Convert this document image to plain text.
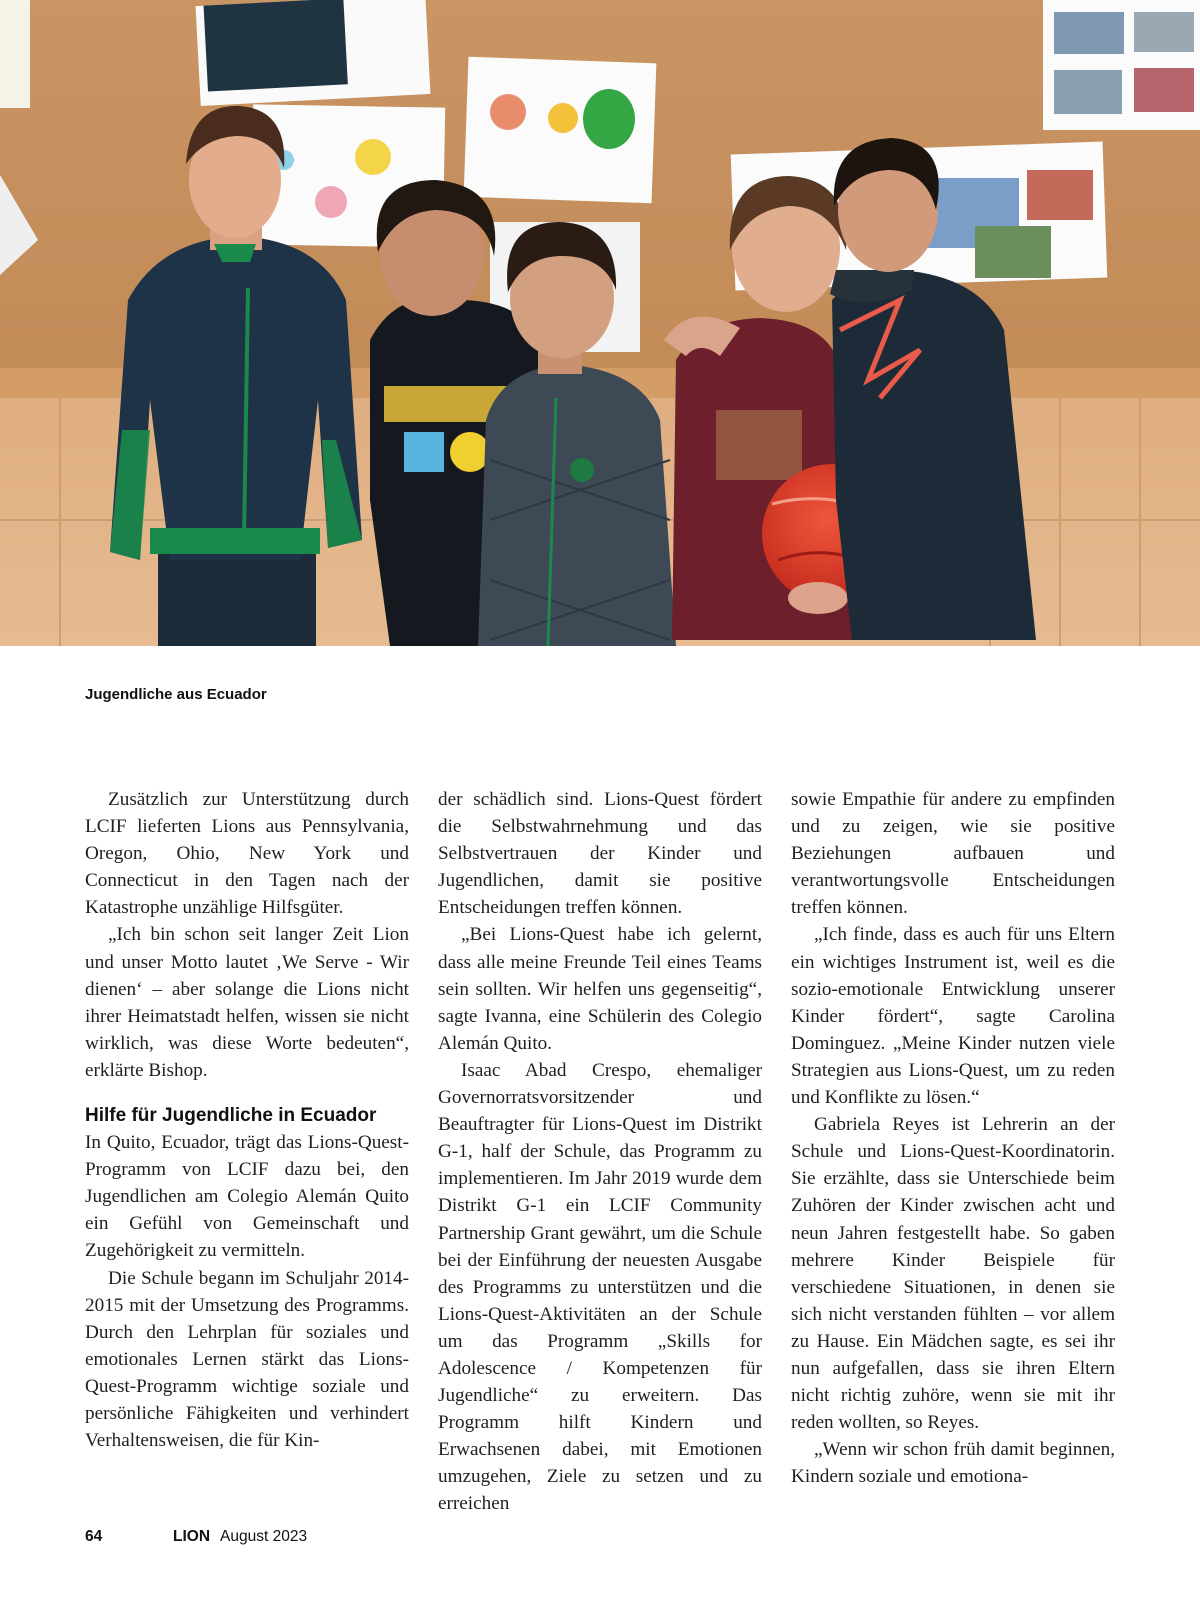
Jugendliche aus Ecuador

Zusätzlich zur Unterstützung durch LCIF lieferten Lions aus Pennsylvania, Oregon, Ohio, New York und Connecticut in den Tagen nach der Katastrophe unzählige Hilfsgüter.

„Ich bin schon seit langer Zeit Lion und unser Motto lautet ‚We Serve - Wir dienen‘ – aber solange die Lions nicht ihrer Heimatstadt helfen, wissen sie nicht wirklich, was diese Worte bedeuten“, erklärte Bishop.

Hilfe für Jugendliche in Ecuador

In Quito, Ecuador, trägt das Lions-Quest-Programm von LCIF dazu bei, den Jugendlichen am Colegio Alemán Quito ein Gefühl von Gemeinschaft und Zugehörigkeit zu vermitteln.

Die Schule begann im Schuljahr 2014-2015 mit der Umsetzung des Programms. Durch den Lehrplan für soziales und emotionales Lernen stärkt das Lions-Quest-Programm wichtige soziale und persönliche Fähigkeiten und verhindert Verhaltensweisen, die für Kin-

der schädlich sind. Lions-Quest fördert die Selbstwahrnehmung und das Selbstvertrauen der Kinder und Jugendlichen, damit sie positive Entscheidungen treffen können.

„Bei Lions-Quest habe ich gelernt, dass alle meine Freunde Teil eines Teams sein sollten. Wir helfen uns gegenseitig“, sagte Ivanna, eine Schülerin des Colegio Alemán Quito.

Isaac Abad Crespo, ehemaliger Governorratsvorsitzender und Beauftragter für Lions-Quest im Distrikt G-1, half der Schule, das Programm zu implementieren. Im Jahr 2019 wurde dem Distrikt G-1 ein LCIF Community Partnership Grant gewährt, um die Schule bei der Einführung der neuesten Ausgabe des Programms zu unterstützen und die Lions-Quest-Aktivitäten an der Schule um das Programm „Skills for Adolescence / Kompetenzen für Jugendliche“ zu erweitern. Das Programm hilft Kindern und Erwachsenen dabei, mit Emotionen umzugehen, Ziele zu setzen und zu erreichen

sowie Empathie für andere zu empfinden und zu zeigen, wie sie positive Beziehungen aufbauen und verantwortungsvolle Entscheidungen treffen können.

„Ich finde, dass es auch für uns Eltern ein wichtiges Instrument ist, weil es die sozio-emotionale Entwicklung unserer Kinder fördert“, sagte Carolina Dominguez. „Meine Kinder nutzen viele Strategien aus Lions-Quest, um zu reden und Konflikte zu lösen.“

Gabriela Reyes ist Lehrerin an der Schule und Lions-Quest-Koordinatorin. Sie erzählte, dass sie Unterschiede beim Zuhören der Kinder zwischen acht und neun Jahren festgestellt habe. So gaben mehrere Kinder Beispiele für verschiedene Situationen, in denen sie sich nicht verstanden fühlten – vor allem zu Hause. Ein Mädchen sagte, es sei ihr nun aufgefallen, dass sie ihren Eltern nicht richtig zuhöre, wenn sie mit ihr reden wollten, so Reyes.

„Wenn wir schon früh damit beginnen, Kindern soziale und emotiona-

64	LION August 2023
